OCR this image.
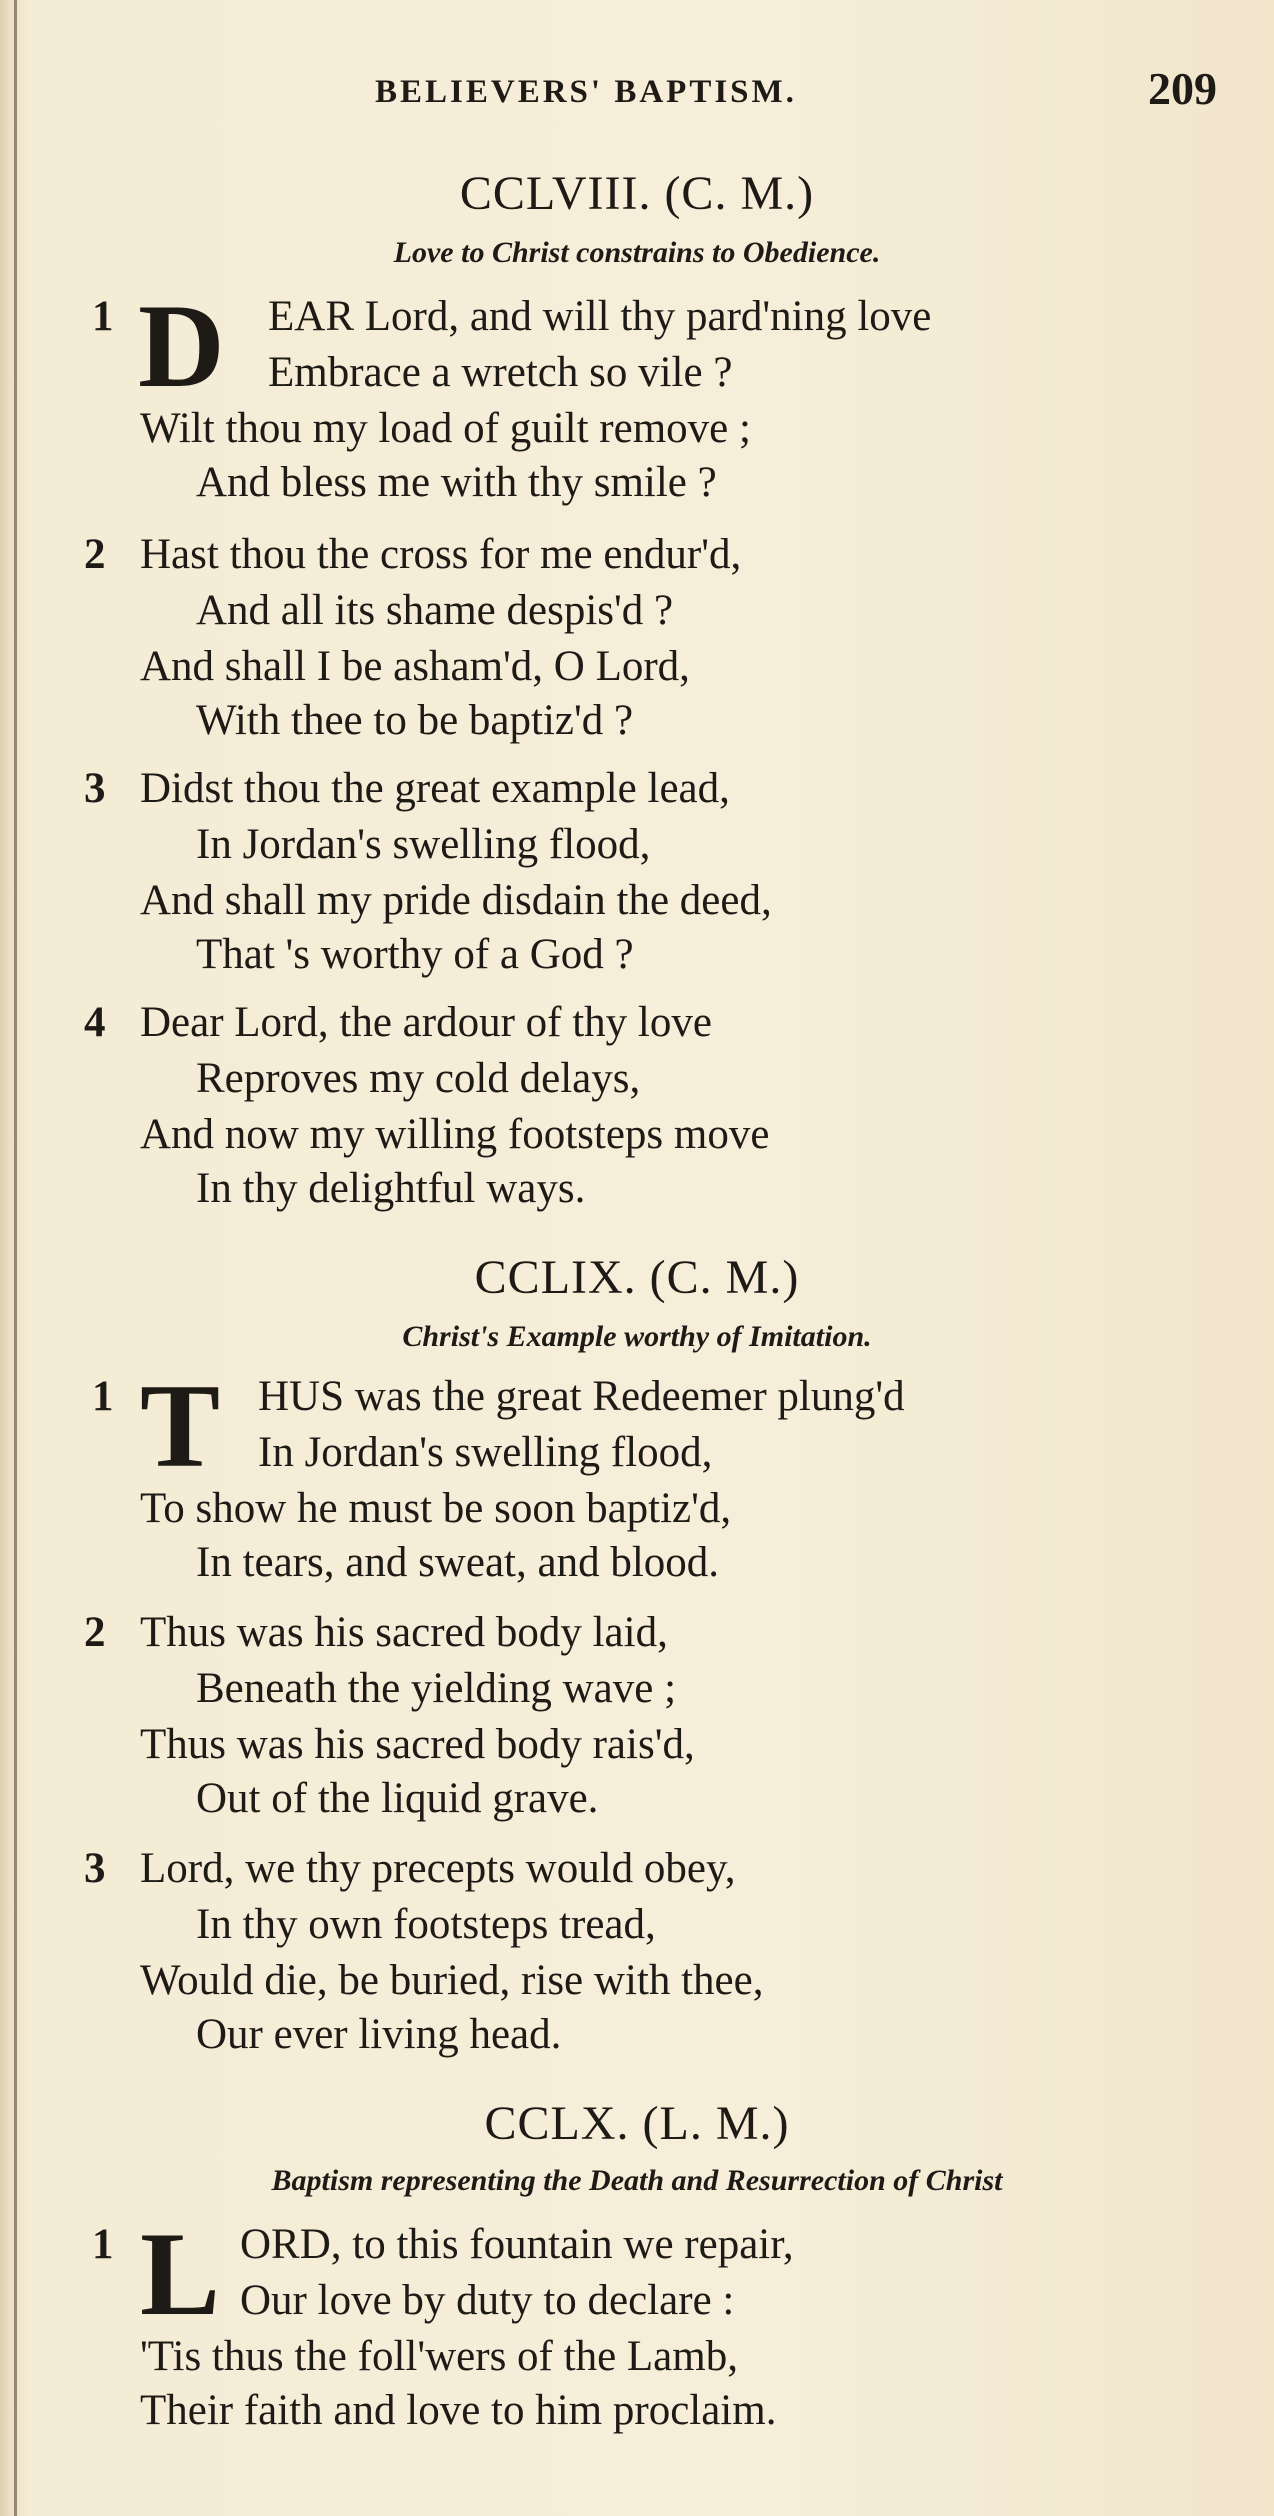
BELIEVERS' BAPTISM.	209
CCLVIII. (C. M.)
Love to Christ constrains to Obedience.
1 D EAR Lord, and will thy pard'ning love
Embrace a wretch so vile ?
Wilt thou my load of guilt remove ;
And bless me with thy smile ?
2 Hast thou the cross for me endur'd,
And all its shame despis'd ?
And shall I be asham'd, O Lord,
With thee to be baptiz'd ?
3 Didst thou the great example lead,
In Jordan's swelling flood,
And shall my pride disdain the deed,
That 's worthy of a God ?
4 Dear Lord, the ardour of thy love
Reproves my cold delays,
And now my willing footsteps move
In thy delightful ways.
CCLIX. (C. M.)
Christ's Example worthy of Imitation.
1 T HUS was the great Redeemer plung'd
In Jordan's swelling flood,
To show he must be soon baptiz'd,
In tears, and sweat, and blood.
2 Thus was his sacred body laid,
Beneath the yielding wave ;
Thus was his sacred body rais'd,
Out of the liquid grave.
3 Lord, we thy precepts would obey,
In thy own footsteps tread,
Would die, be buried, rise with thee,
Our ever living head.
CCLX. (L. M.)
Baptism representing the Death and Resurrection of Christ
1 L ORD, to this fountain we repair,
Our love by duty to declare :
'Tis thus the foll'wers of the Lamb,
Their faith and love to him proclaim.
